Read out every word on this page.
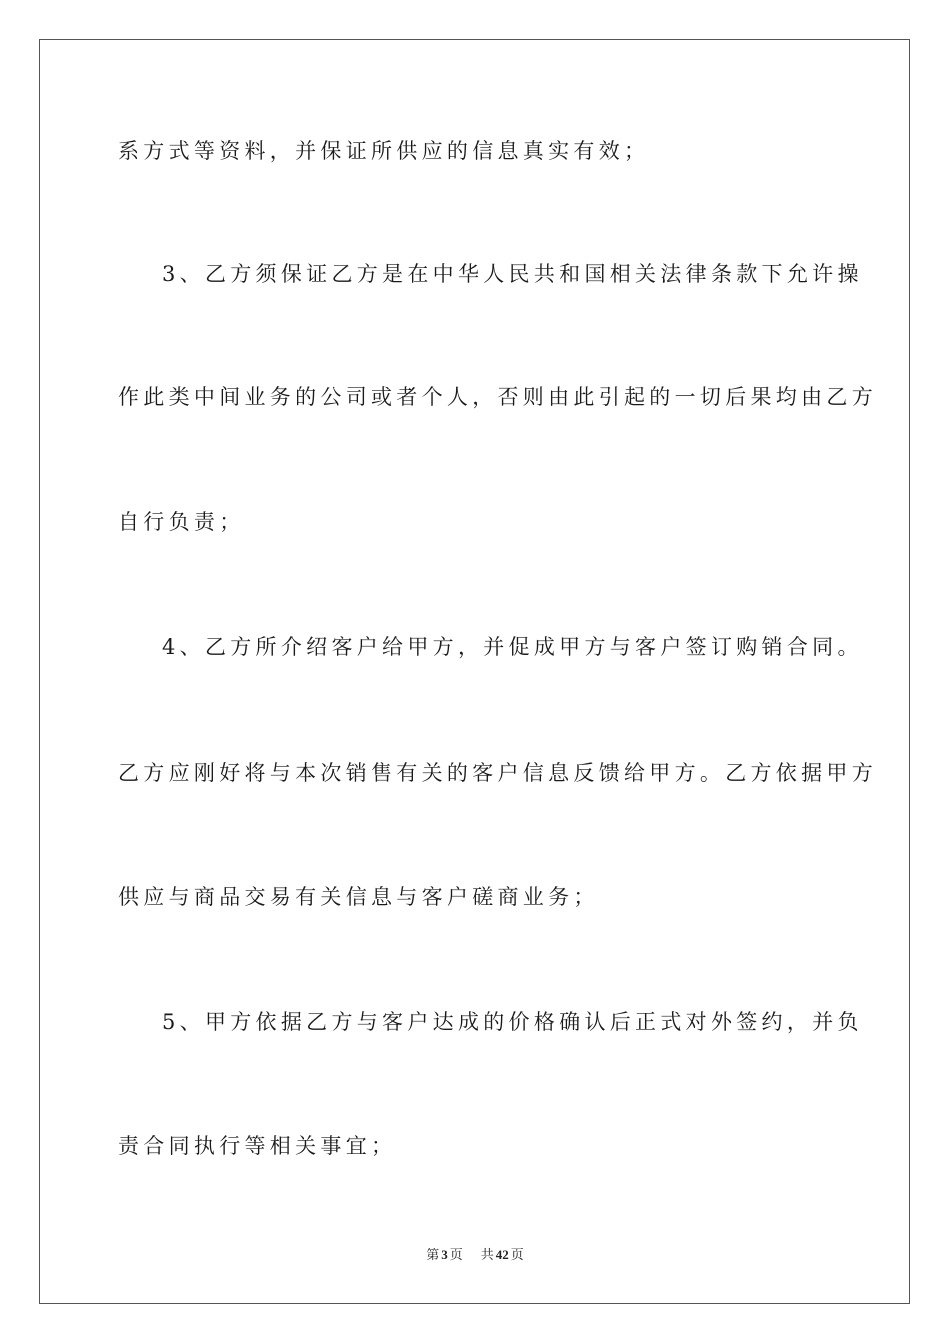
系方式等资料，并保证所供应的信息真实有效；
3、乙方须保证乙方是在中华人民共和国相关法律条款下允许操
作此类中间业务的公司或者个人，否则由此引起的一切后果均由乙方
自行负责；
4、乙方所介绍客户给甲方，并促成甲方与客户签订购销合同。
乙方应刚好将与本次销售有关的客户信息反馈给甲方。乙方依据甲方
供应与商品交易有关信息与客户磋商业务；
5、甲方依据乙方与客户达成的价格确认后正式对外签约，并负
责合同执行等相关事宜；
第 3 页 共 42 页
